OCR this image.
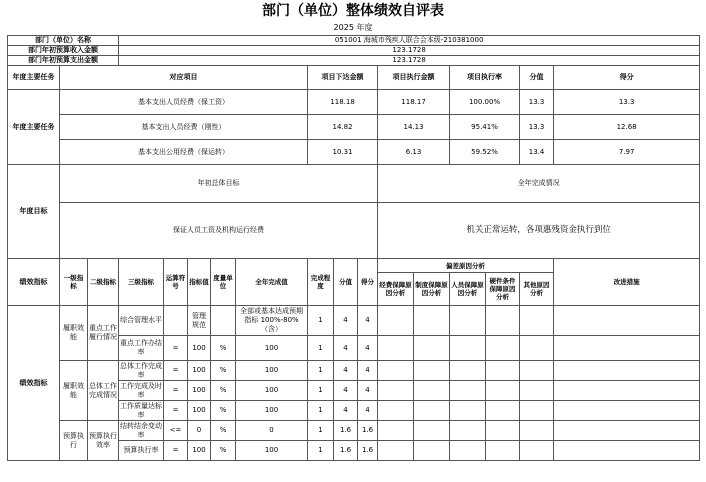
部门（单位）整体绩效自评表
2025 年度
部门（单位）名称			051001 海城市残疾人联合会本级-210381000													
部门年初预算收入金额			123.1728													
部门年初预算支出金额			123.1728													
年度主要任务	对应项目							项目下达金额			项目执行金额		项目执行率		分值	得分
年度主要任务	基本支出人员经费（保工资）							118.18			118.17		100.00%		13.3	13.3
	基本支出人员经费（刚性）							14.82			14.13		95.41%		13.3	12.68
	基本支出公用经费（保运转）							10.31			6.13		59.52%		13.4	7.97
年度目标	年初总体目标										全年完成情况					
	保证人员工资及机构运行经费										机关正常运转，各项惠残资金执行到位					
绩效指标	一级指标	二级指标	三级指标	运算符号	指标值	度量单位	全年完成值	完成程度	分值	得分	偏差原因分析					改进措施
											经费保障原因分析	制度保障原因分析	人员保障原因分析	硬件条件保障原因分析	其他原因分析	
绩效指标	履职效能	重点工作履行情况	综合管理水平		管理规范		全部或基本达成预期指标 100%-80%（含）	1	4	4						
			重点工作办结率	=	100	%	100	1	4	4						
	履职效能	总体工作完成情况	总体工作完成率	=	100	%	100	1	4	4						
			工作完成及时率	=	100	%	100	1	4	4						
			工作质量达标率	=	100	%	100	1	4	4						
	预算执行	预算执行效率	结转结余变动率	<=	0	%	0	1	1.6	1.6						
			预算执行率	=	100	%	100	1	1.6	1.6						
